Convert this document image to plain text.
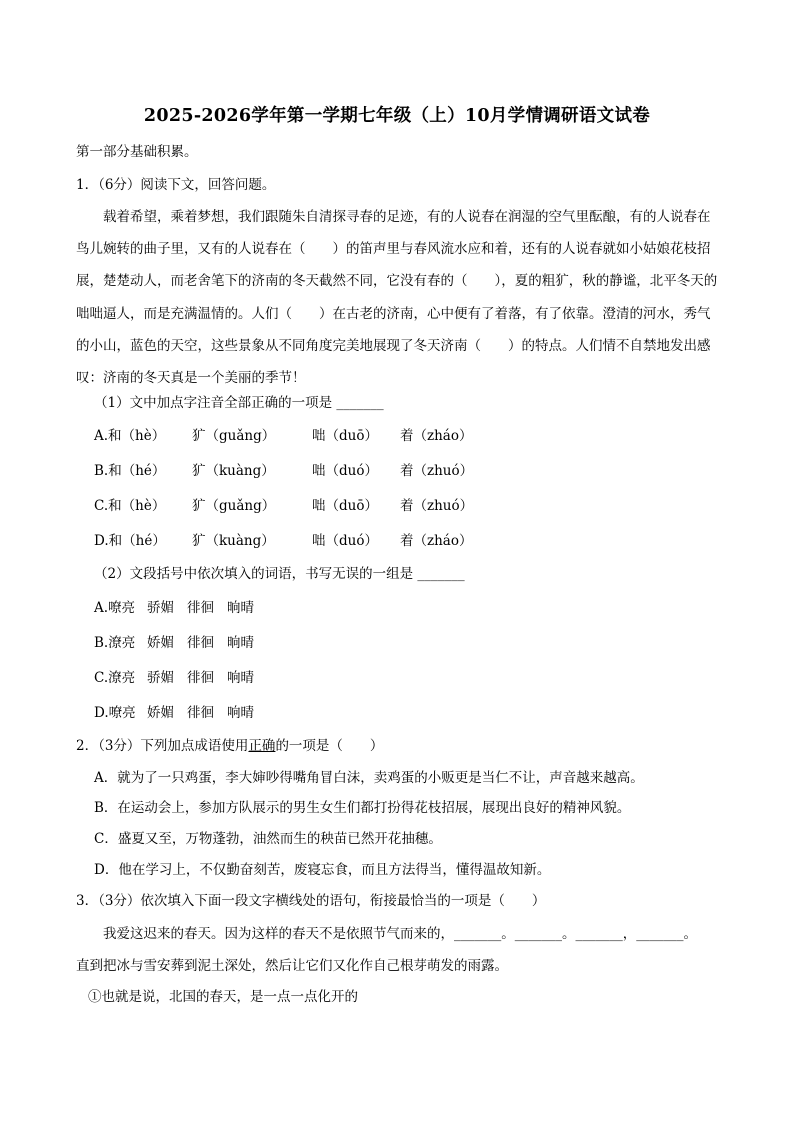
2025-2026学年第一学期七年级（上）10月学情调研语文试卷
第一部分基础积累。
1．（6分）阅读下文，回答问题。
载着希望，乘着梦想，我们跟随朱自清探寻春的足迹，有的人说春在润湿的空气里酝酿，有的人说春在鸟儿婉转的曲子里，又有的人说春在（　　）的笛声里与春风流水应和着，还有的人说春就如小姑娘花枝招展，楚楚动人，而老舍笔下的济南的冬天截然不同，它没有春的（　　），夏的粗犷，秋的静谧，北平冬天的咄咄逼人，而是充满温情的。人们（　　）在古老的济南，心中便有了着落，有了依靠。澄清的河水，秀气的小山，蓝色的天空，这些景象从不同角度完美地展现了冬天济南（　　）的特点。人们情不自禁地发出感叹：济南的冬天真是一个美丽的季节！
（1）文中加点字注音全部正确的一项是 _______
A.和（hè）	犷（guǎng）	咄（duō）	着（zháo）
B.和（hé）	犷（kuàng）	咄（duó）	着（zhuó）
C.和（hè）	犷（guǎng）	咄（duō）	着（zhuó）
D.和（hé）	犷（kuàng）	咄（duó）	着（zháo）
（2）文段括号中依次填入的词语，书写无误的一组是 _______
A.嘹亮 骄媚 徘徊 晌晴
B.潦亮 娇媚 徘徊 晌晴
C.潦亮 骄媚 徘徊 响晴
D.嘹亮 娇媚 徘徊 响晴
2．（3分）下列加点成语使用正确的一项是（　　）
A．就为了一只鸡蛋，李大婶吵得嘴角冒白沫，卖鸡蛋的小贩更是当仁不让，声音越来越高。
B．在运动会上，参加方队展示的男生女生们都打扮得花枝招展，展现出良好的精神风貌。
C．盛夏又至，万物蓬勃，油然而生的秧苗已然开花抽穗。
D．他在学习上，不仅勤奋刻苦，废寝忘食，而且方法得当，懂得温故知新。
3．（3分）依次填入下面一段文字横线处的语句，衔接最恰当的一项是（　　）
我爱这迟来的春天。因为这样的春天不是依照节气而来的，_______。_______。_______，_______。
直到把冰与雪安葬到泥土深处，然后让它们又化作自己根芽萌发的雨露。
①也就是说，北国的春天，是一点一点化开的
